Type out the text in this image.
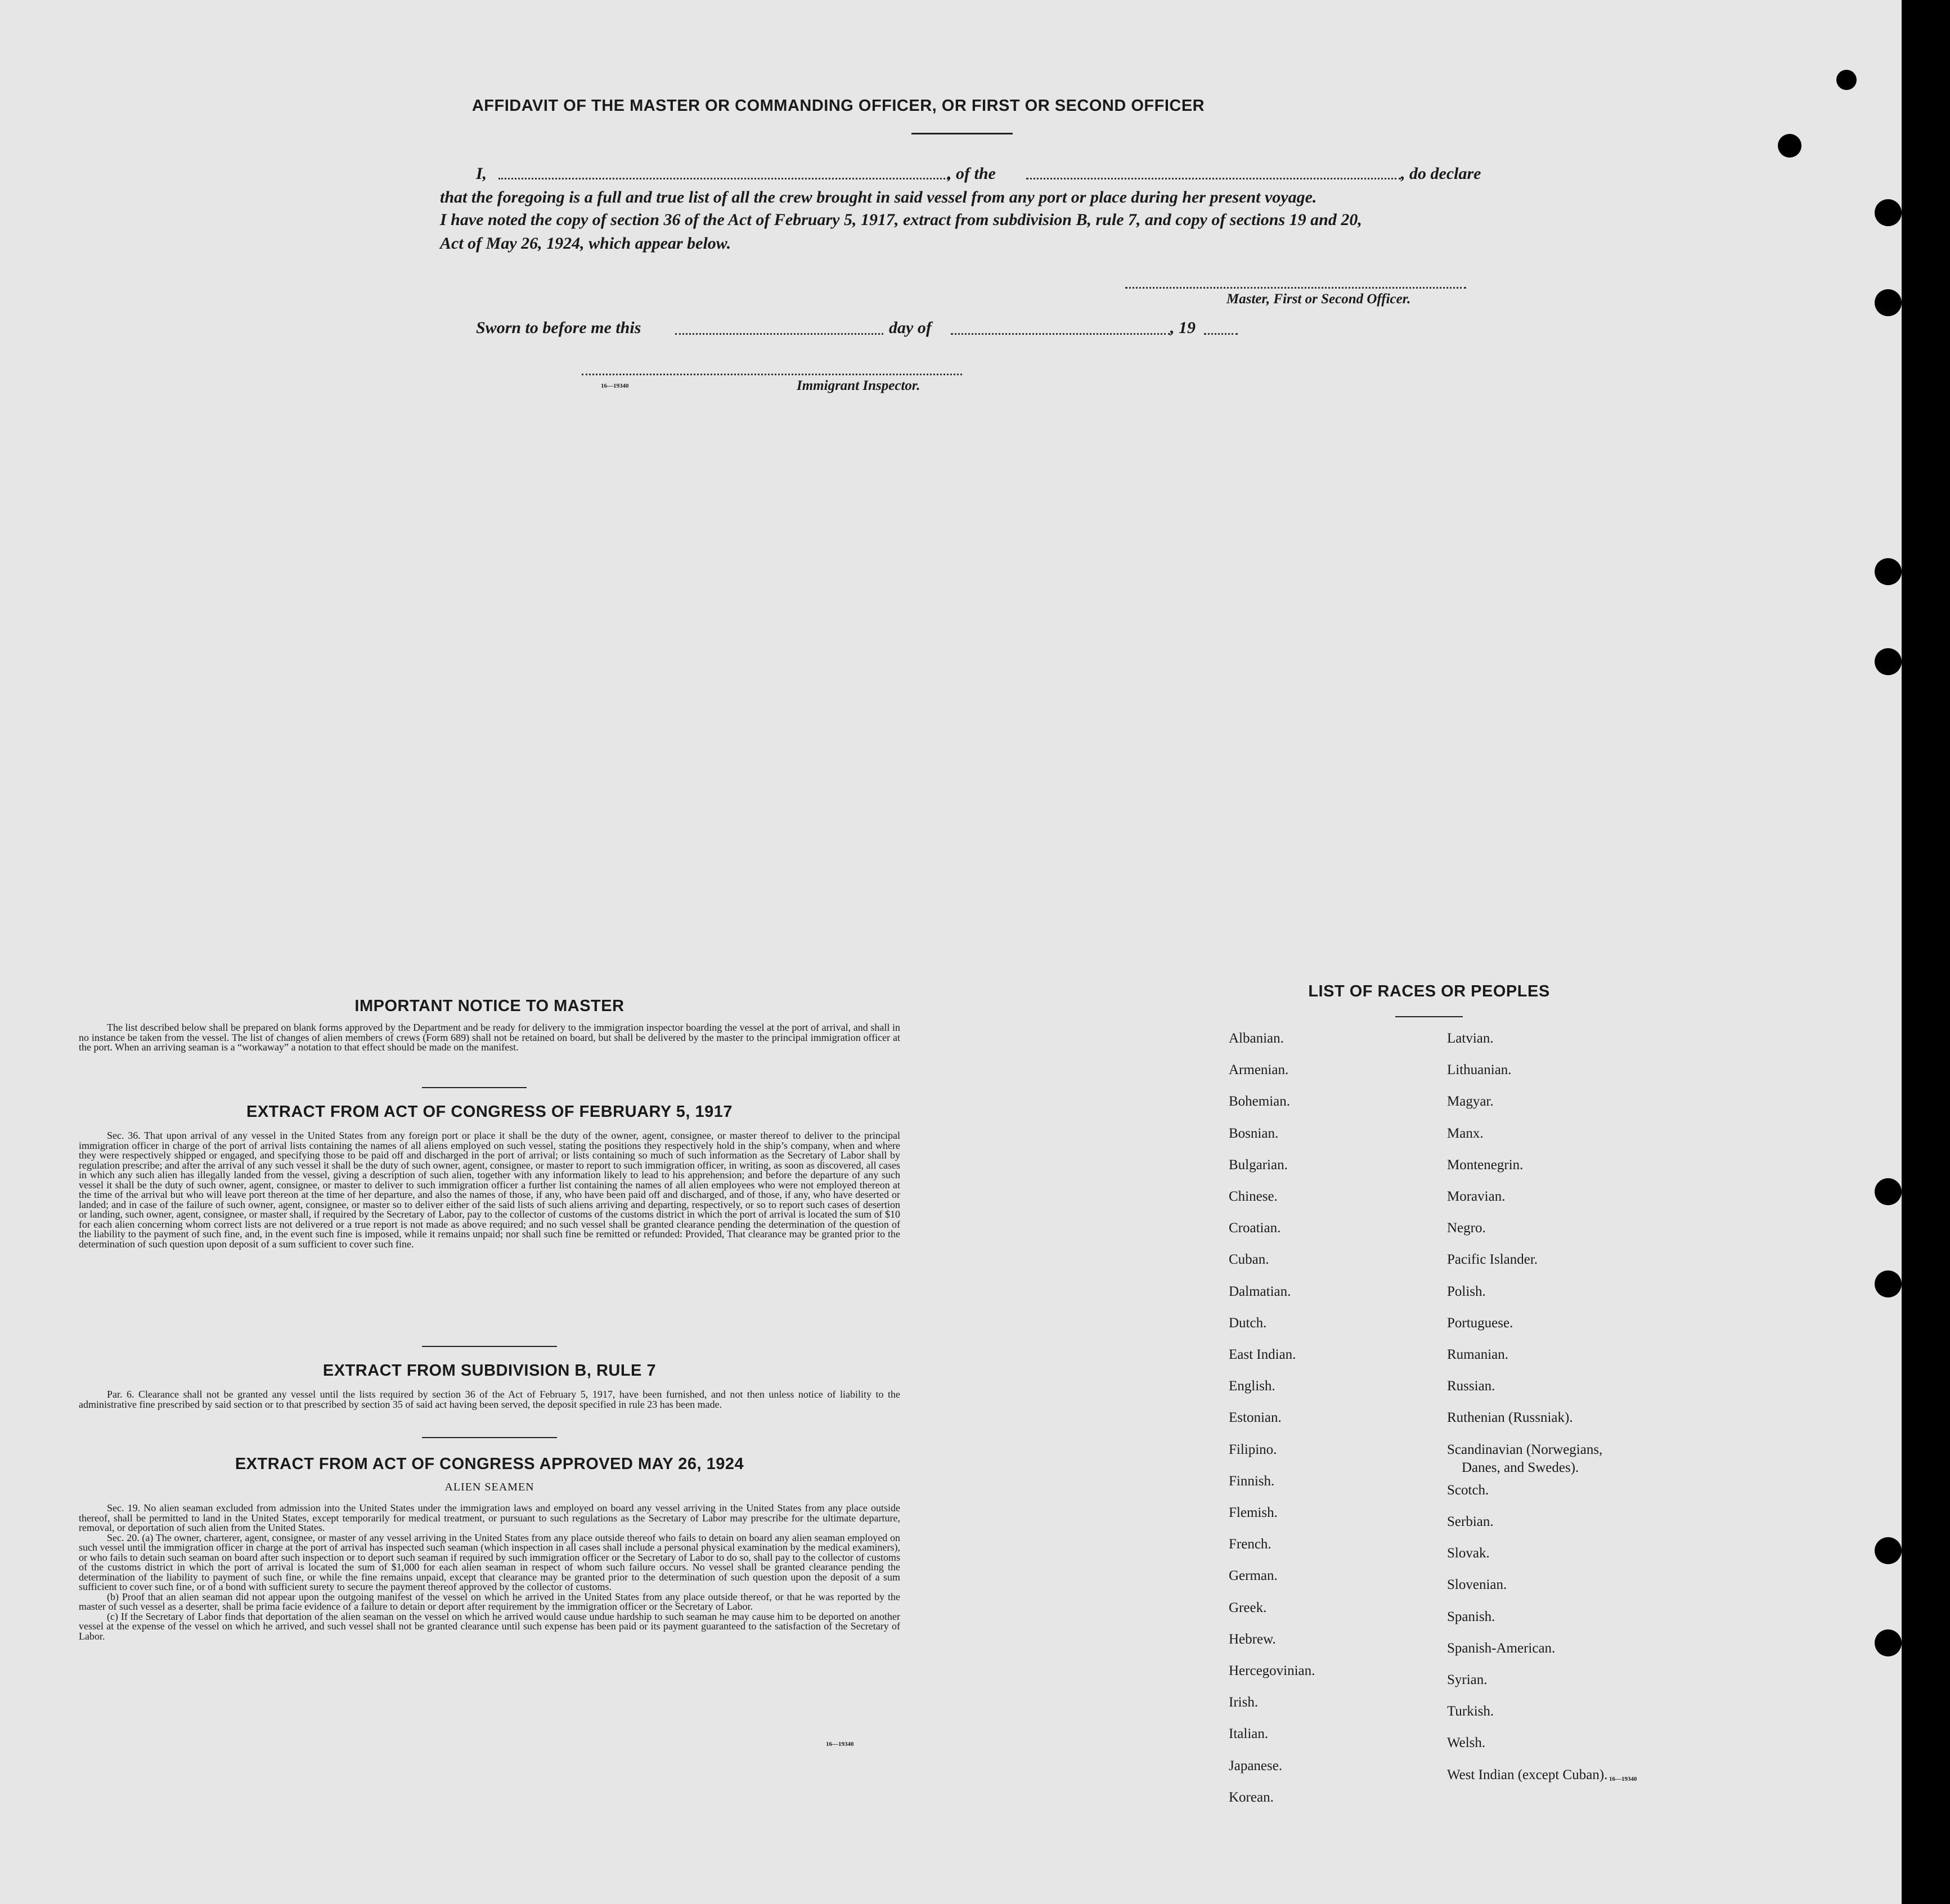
AFFIDAVIT OF THE MASTER OR COMMANDING OFFICER, OR FIRST OR SECOND OFFICER
I,	, of the	, do declare
that the foregoing is a full and true list of all the crew brought in said vessel from any port or place during her present voyage.
I have noted the copy of section 36 of the Act of February 5, 1917, extract from subdivision B, rule 7, and copy of sections 19 and 20,
Act of May 26, 1924, which appear below.
Master, First or Second Officer.
Sworn to before me this	day of	, 19
16—19340	Immigrant Inspector.
IMPORTANT NOTICE TO MASTER

The list described below shall be prepared on blank forms approved by the Department and be ready for delivery to the immigration inspector boarding the vessel at the port of arrival, and shall in no instance be taken from the vessel. The list of changes of alien members of crews (Form 689) shall not be retained on board, but shall be delivered by the master to the principal immigration officer at the port. When an arriving seaman is a “workaway” a notation to that effect should be made on the manifest.

EXTRACT FROM ACT OF CONGRESS OF FEBRUARY 5, 1917

Sec. 36. That upon arrival of any vessel in the United States from any foreign port or place it shall be the duty of the owner, agent, consignee, or master thereof to deliver to the principal immigration officer in charge of the port of arrival lists containing the names of all aliens employed on such vessel, stating the positions they respectively hold in the ship’s company, when and where they were respectively shipped or engaged, and specifying those to be paid off and discharged in the port of arrival; or lists containing so much of such information as the Secretary of Labor shall by regulation prescribe; and after the arrival of any such vessel it shall be the duty of such owner, agent, consignee, or master to report to such immigration officer, in writing, as soon as discovered, all cases in which any such alien has illegally landed from the vessel, giving a description of such alien, together with any information likely to lead to his apprehension; and before the departure of any such vessel it shall be the duty of such owner, agent, consignee, or master to deliver to such immigration officer a further list containing the names of all alien employees who were not employed thereon at the time of the arrival but who will leave port thereon at the time of her departure, and also the names of those, if any, who have been paid off and discharged, and of those, if any, who have deserted or landed; and in case of the failure of such owner, agent, consignee, or master so to deliver either of the said lists of such aliens arriving and departing, respectively, or so to report such cases of desertion or landing, such owner, agent, consignee, or master shall, if required by the Secretary of Labor, pay to the collector of customs of the customs district in which the port of arrival is located the sum of $10 for each alien concerning whom correct lists are not delivered or a true report is not made as above required; and no such vessel shall be granted clearance pending the determination of the question of the liability to the payment of such fine, and, in the event such fine is imposed, while it remains unpaid; nor shall such fine be remitted or refunded: Provided, That clearance may be granted prior to the determination of such question upon deposit of a sum sufficient to cover such fine.

EXTRACT FROM SUBDIVISION B, RULE 7

Par. 6. Clearance shall not be granted any vessel until the lists required by section 36 of the Act of February 5, 1917, have been furnished, and not then unless notice of liability to the administrative fine prescribed by said section or to that prescribed by section 35 of said act having been served, the deposit specified in rule 23 has been made.

EXTRACT FROM ACT OF CONGRESS APPROVED MAY 26, 1924
ALIEN SEAMEN

Sec. 19. No alien seaman excluded from admission into the United States under the immigration laws and employed on board any vessel arriving in the United States from any place outside thereof, shall be permitted to land in the United States, except temporarily for medical treatment, or pursuant to such regulations as the Secretary of Labor may prescribe for the ultimate departure, removal, or deportation of such alien from the United States.

Sec. 20. (a) The owner, charterer, agent, consignee, or master of any vessel arriving in the United States from any place outside thereof who fails to detain on board any alien seaman employed on such vessel until the immigration officer in charge at the port of arrival has inspected such seaman (which inspection in all cases shall include a personal physical examination by the medical examiners), or who fails to detain such seaman on board after such inspection or to deport such seaman if required by such immigration officer or the Secretary of Labor to do so, shall pay to the collector of customs of the customs district in which the port of arrival is located the sum of $1,000 for each alien seaman in respect of whom such failure occurs. No vessel shall be granted clearance pending the determination of the liability to payment of such fine, or while the fine remains unpaid, except that clearance may be granted prior to the determination of such question upon the deposit of a sum sufficient to cover such fine, or of a bond with sufficient surety to secure the payment thereof approved by the collector of customs.

(b) Proof that an alien seaman did not appear upon the outgoing manifest of the vessel on which he arrived in the United States from any place outside thereof, or that he was reported by the master of such vessel as a deserter, shall be prima facie evidence of a failure to detain or deport after requirement by the immigration officer or the Secretary of Labor.

(c) If the Secretary of Labor finds that deportation of the alien seaman on the vessel on which he arrived would cause undue hardship to such seaman he may cause him to be deported on another vessel at the expense of the vessel on which he arrived, and such vessel shall not be granted clearance until such expense has been paid or its payment guaranteed to the satisfaction of the Secretary of Labor.

16—19340
LIST OF RACES OR PEOPLES
Albanian.
Armenian.
Bohemian.
Bosnian.
Bulgarian.
Chinese.
Croatian.
Cuban.
Dalmatian.
Dutch.
East Indian.
English.
Estonian.
Filipino.
Finnish.
Flemish.
French.
German.
Greek.
Hebrew.
Hercegovinian.
Irish.
Italian.
Japanese.
Korean.
Latvian.
Lithuanian.
Magyar.
Manx.
Montenegrin.
Moravian.
Negro.
Pacific Islander.
Polish.
Portuguese.
Rumanian.
Russian.
Ruthenian (Russniak).
Scandinavian (Norwegians,
Danes, and Swedes).
Scotch.
Serbian.
Slovak.
Slovenian.
Spanish.
Spanish-American.
Syrian.
Turkish.
Welsh.
West Indian (except Cuban). 16—19340
